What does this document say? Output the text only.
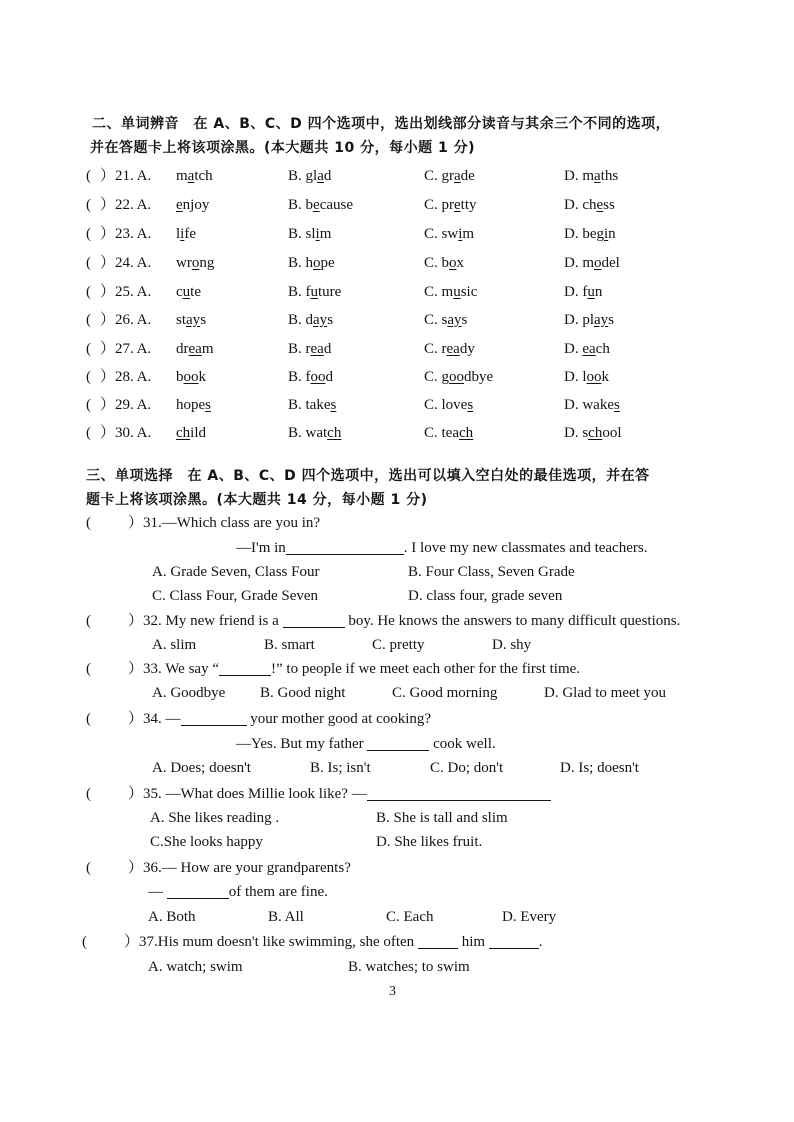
二、单词辨音　在 A、B、C、D 四个选项中，选出划线部分读音与其余三个不同的选项，
并在答题卡上将该项涂黑。(本大题共 10 分，每小题 1 分)
( ）21. A. match	B. glad	C. grade	D. maths
( ）22. A. enjoy	B. because	C. pretty	D. chess
( ）23. A. life	B. slim	C. swim	D. begin
( ）24. A. wrong	B. hope	C. box	D. model
( ）25. A. cute	B. future	C. music	D. fun
( ）26. A. stays	B. days	C. says	D. plays
( ）27. A. dream	B. read	C. ready	D. each
( ）28. A. book	B. food	C. goodbye	D. look
( ）29. A. hopes	B. takes	C. loves	D. wakes
( ）30. A. child	B. watch	C. teach	D. school
三、单项选择　在 A、B、C、D 四个选项中，选出可以填入空白处的最佳选项，并在答
题卡上将该项涂黑。(本大题共 14 分，每小题 1 分)
( ）31.—Which class are you in?
—I'm in	. I love my new classmates and teachers.
A. Grade Seven, Class Four	B. Four Class, Seven Grade
C. Class Four, Grade Seven	D. class four, grade seven
( ）32. My new friend is a	boy. He knows the answers to many difficult questions.
A. slim	B. smart	C. pretty	D. shy
( ）33. We say “	!” to people if we meet each other for the first time.
A. Goodbye B. Good night	C. Good morning	D. Glad to meet you
( ）34. —	your mother good at cooking?
—Yes. But my father	cook well.
A. Does; doesn't	B. Is; isn't	C. Do; don't	D. Is; doesn't
( ）35. —What does Millie look like? —
A. She likes reading .	B. She is tall and slim
C.She looks happy	D. She likes fruit.
( ）36.— How are your grandparents?
—	of them are fine.
A. Both	B. All	C. Each	D. Every
( ）37.His mum doesn't like swimming, she often	him	.
A. watch; swim	B. watches; to swim
3
